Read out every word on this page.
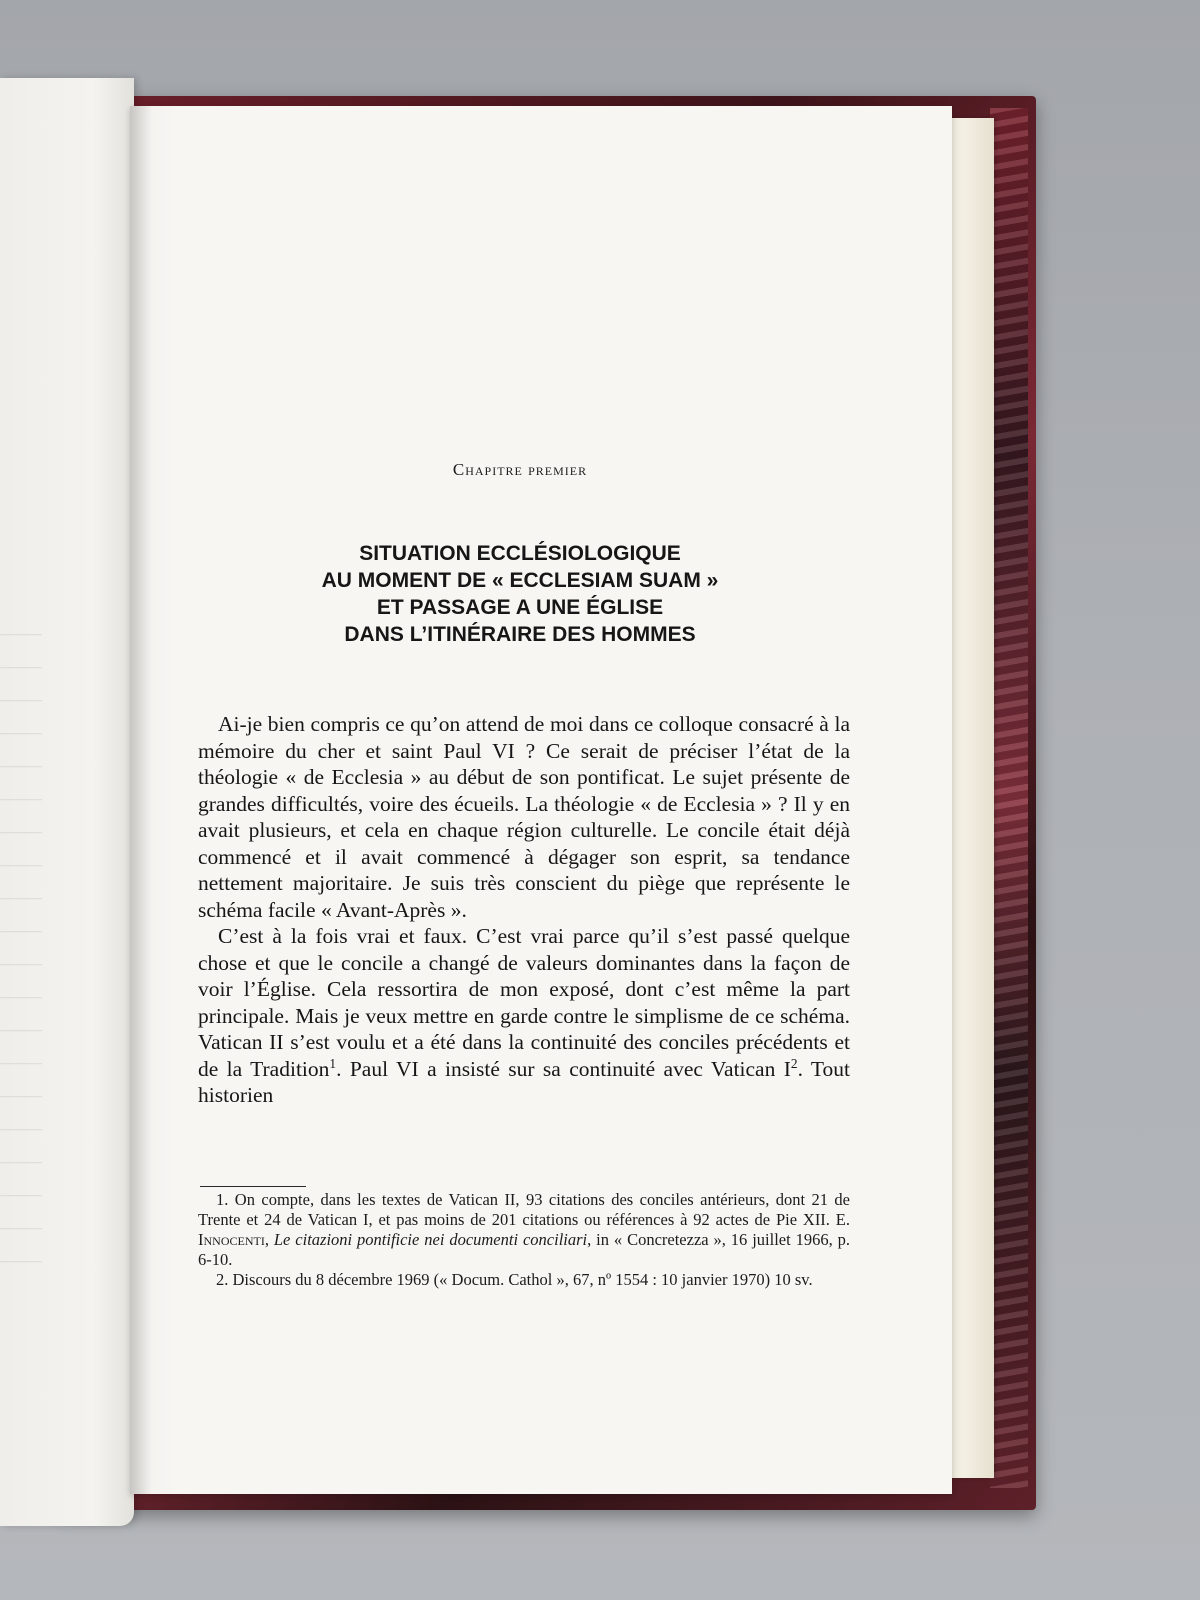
———
———
———
———
———
———
———
———
———
———
———
———
———
———
———
———
———
———
———
———
Chapitre premier
SITUATION ECCLÉSIOLOGIQUE
AU MOMENT DE « ECCLESIAM SUAM »
ET PASSAGE A UNE ÉGLISE
DANS L’ITINÉRAIRE DES HOMMES

Ai-je bien compris ce qu’on attend de moi dans ce colloque consacré à la mémoire du cher et saint Paul VI ? Ce serait de préciser l’état de la théologie « de Ecclesia » au début de son pontificat. Le sujet présente de grandes difficultés, voire des écueils. La théologie « de Ecclesia » ? Il y en avait plusieurs, et cela en chaque région culturelle. Le concile était déjà commencé et il avait commencé à dégager son esprit, sa tendance nettement majoritaire. Je suis très conscient du piège que représente le schéma facile « Avant-Après ».

C’est à la fois vrai et faux. C’est vrai parce qu’il s’est passé quelque chose et que le concile a changé de valeurs dominantes dans la façon de voir l’Église. Cela ressortira de mon exposé, dont c’est même la part principale. Mais je veux mettre en garde contre le simplisme de ce schéma. Vatican II s’est voulu et a été dans la continuité des conciles précédents et de la Tradition$^1$. Paul VI a insisté sur sa continuité avec Vatican $I^2$. Tout historien

1. On compte, dans les textes de Vatican II, 93 citations des conciles antérieurs, dont 21 de Trente et 24 de Vatican I, et pas moins de 201 citations ou références à 92 actes de Pie XII. E. Innocenti, Le citazioni pontificie nei documenti conciliari, in « Concretezza », 16 juillet 1966, p. 6-10.

2. Discours du 8 décembre 1969 (« Docum. Cathol », 67, nº 1554 : 10 janvier 1970) 10 sv.
